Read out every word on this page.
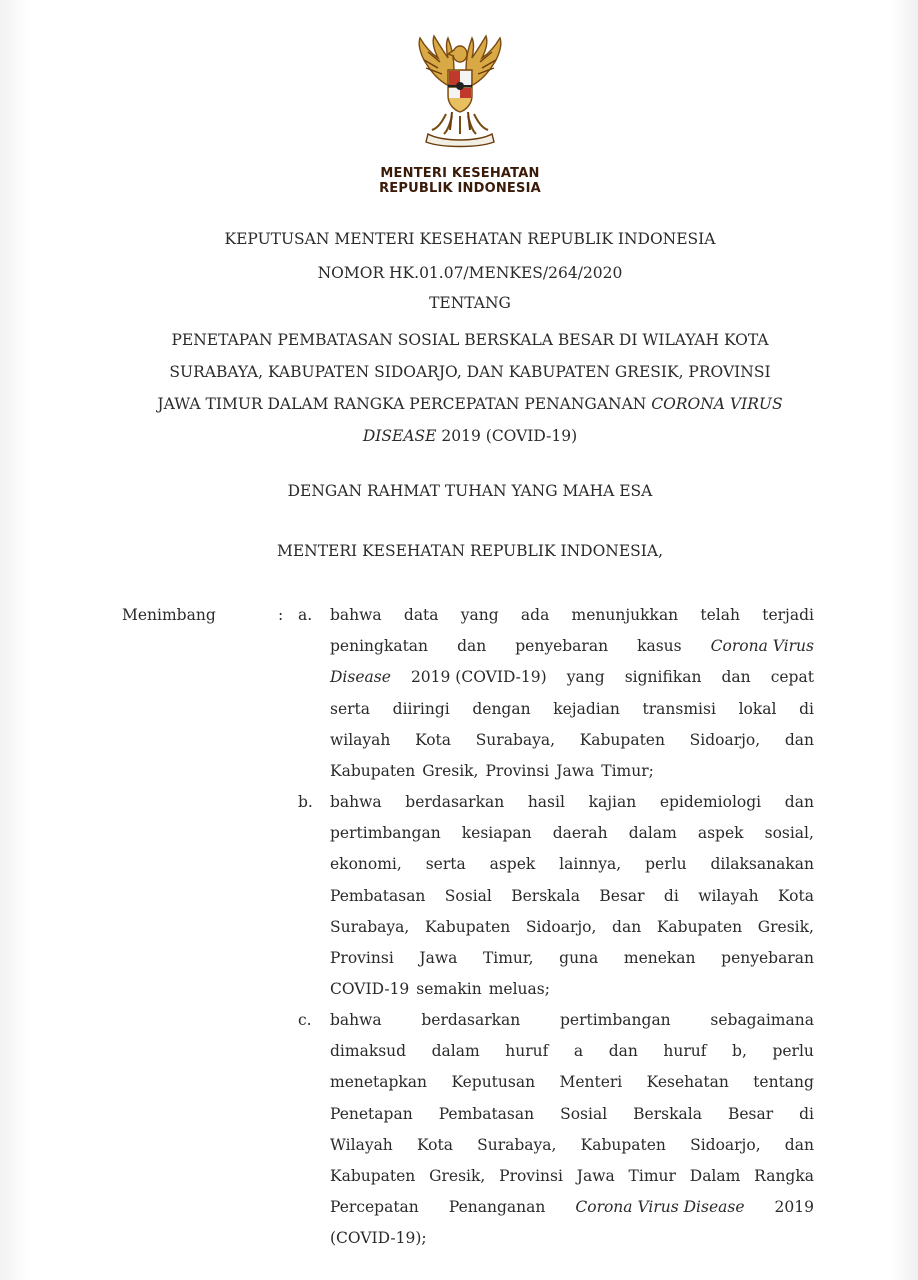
MENTERI KESEHATAN
REPUBLIK INDONESIA
KEPUTUSAN MENTERI KESEHATAN REPUBLIK INDONESIA
NOMOR HK.01.07/MENKES/264/2020
TENTANG
PENETAPAN PEMBATASAN SOSIAL BERSKALA BESAR DI WILAYAH KOTA
SURABAYA, KABUPATEN SIDOARJO, DAN KABUPATEN GRESIK, PROVINSI
JAWA TIMUR DALAM RANGKA PERCEPATAN PENANGANAN CORONA VIRUS
DISEASE 2019 (COVID-19)
DENGAN RAHMAT TUHAN YANG MAHA ESA
MENTERI KESEHATAN REPUBLIK INDONESIA,
Menimbang	: a. bahwa data yang ada menunjukkan telah terjadi
peningkatan dan penyebaran kasus Corona Virus
Disease 2019 (COVID-19) yang signifikan dan cepat
serta diiringi dengan kejadian transmisi lokal di
wilayah Kota Surabaya, Kabupaten Sidoarjo, dan
Kabupaten Gresik, Provinsi Jawa Timur;
b. bahwa berdasarkan hasil kajian epidemiologi dan
pertimbangan kesiapan daerah dalam aspek sosial,
ekonomi, serta aspek lainnya, perlu dilaksanakan
Pembatasan Sosial Berskala Besar di wilayah Kota
Surabaya, Kabupaten Sidoarjo, dan Kabupaten Gresik,
Provinsi Jawa Timur, guna menekan penyebaran
COVID-19 semakin meluas;
c. bahwa	berdasarkan	pertimbangan	sebagaimana
dimaksud dalam huruf a dan huruf b, perlu
menetapkan Keputusan Menteri Kesehatan tentang
Penetapan Pembatasan Sosial Berskala Besar di
Wilayah Kota Surabaya, Kabupaten Sidoarjo, dan
Kabupaten Gresik, Provinsi Jawa Timur Dalam Rangka
Percepatan Penanganan Corona Virus Disease 2019
(COVID-19);
